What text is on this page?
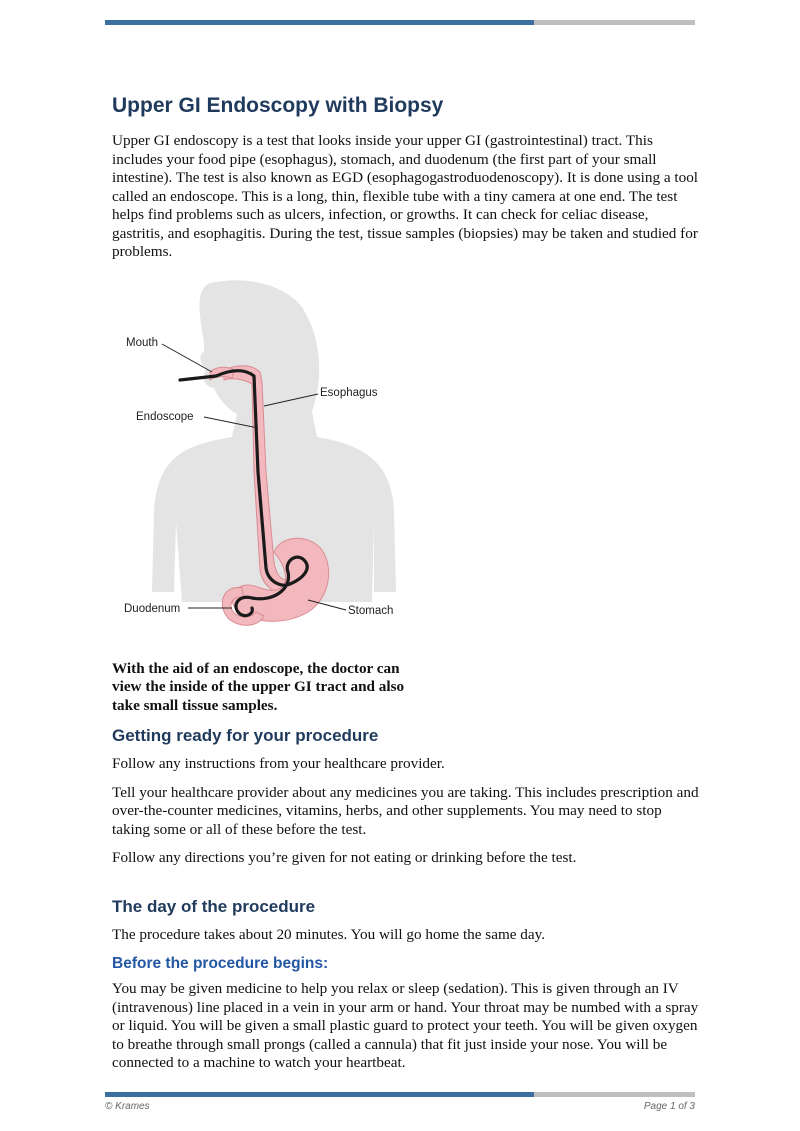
Upper GI Endoscopy with Biopsy

Upper GI endoscopy is a test that looks inside your upper GI (gastrointestinal) tract. This includes your food pipe (esophagus), stomach, and duodenum (the first part of your small intestine). The test is also known as EGD (esophagogastroduodenoscopy). It is done using a tool called an endoscope. This is a long, thin, flexible tube with a tiny camera at one end. The test helps find problems such as ulcers, infection, or growths. It can check for celiac disease, gastritis, and esophagitis. During the test, tissue samples (biopsies) may be taken and studied for problems.

Mouth
Esophagus
Endoscope
Duodenum	Stomach

With the aid of an endoscope, the doctor can view the inside of the upper GI tract and also take small tissue samples.

Getting ready for your procedure

Follow any instructions from your healthcare provider.

Tell your healthcare provider about any medicines you are taking. This includes prescription and over-the-counter medicines, vitamins, herbs, and other supplements. You may need to stop taking some or all of these before the test.

Follow any directions you’re given for not eating or drinking before the test.

The day of the procedure

The procedure takes about 20 minutes. You will go home the same day.

Before the procedure begins:

You may be given medicine to help you relax or sleep (sedation). This is given through an IV (intravenous) line placed in a vein in your arm or hand. Your throat may be numbed with a spray or liquid. You will be given a small plastic guard to protect your teeth. You will be given oxygen to breathe through small prongs (called a cannula) that fit just inside your nose. You will be connected to a machine to watch your heartbeat.

© Krames	Page 1 of 3
